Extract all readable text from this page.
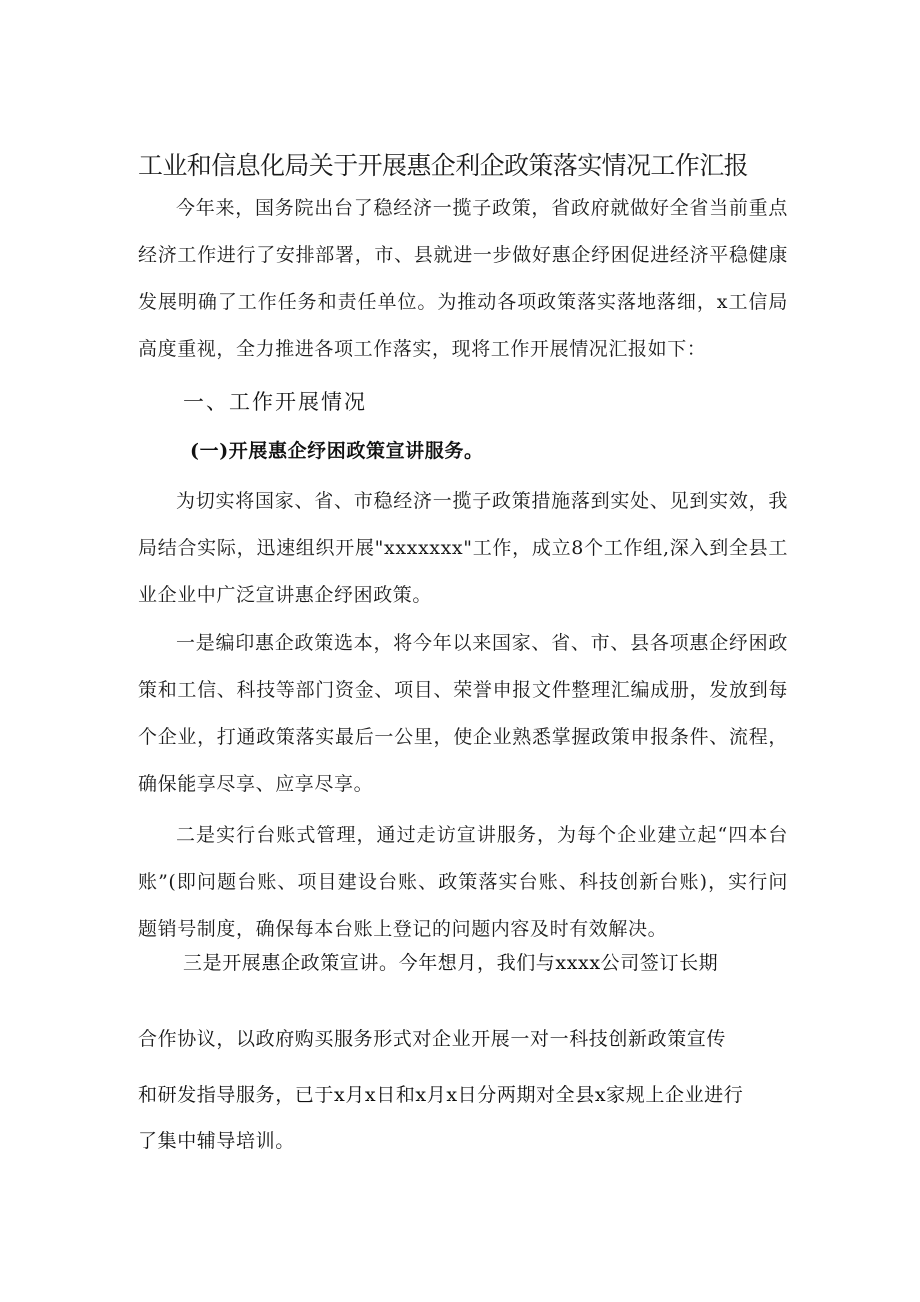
工业和信息化局关于开展惠企利企政策落实情况工作汇报

今年来，国务院出台了稳经济一揽子政策，省政府就做好全省当前重点经济工作进行了安排部署，市、县就进一步做好惠企纾困促进经济平稳健康发展明确了工作任务和责任单位。为推动各项政策落实落地落细，x工信局高度重视，全力推进各项工作落实，现将工作开展情况汇报如下：

一、工作开展情况
(一)开展惠企纾困政策宣讲服务。

为切实将国家、省、市稳经济一揽子政策措施落到实处、见到实效，我局结合实际，迅速组织开展"xxxxxxx"工作，成立8个工作组,深入到全县工业企业中广泛宣讲惠企纾困政策。

一是编印惠企政策选本，将今年以来国家、省、市、县各项惠企纾困政策和工信、科技等部门资金、项目、荣誉申报文件整理汇编成册，发放到每个企业，打通政策落实最后一公里，使企业熟悉掌握政策申报条件、流程，确保能享尽享、应享尽享。

二是实行台账式管理，通过走访宣讲服务，为每个企业建立起“四本台账”(即问题台账、项目建设台账、政策落实台账、科技创新台账)，实行问题销号制度，确保每本台账上登记的问题内容及时有效解决。

三是开展惠企政策宣讲。今年想月，我们与xxxx公司签订长期

合作协议，以政府购买服务形式对企业开展一对一科技创新政策宣传

和研发指导服务，已于x月x日和x月x日分两期对全县x家规上企业进行

了集中辅导培训。
